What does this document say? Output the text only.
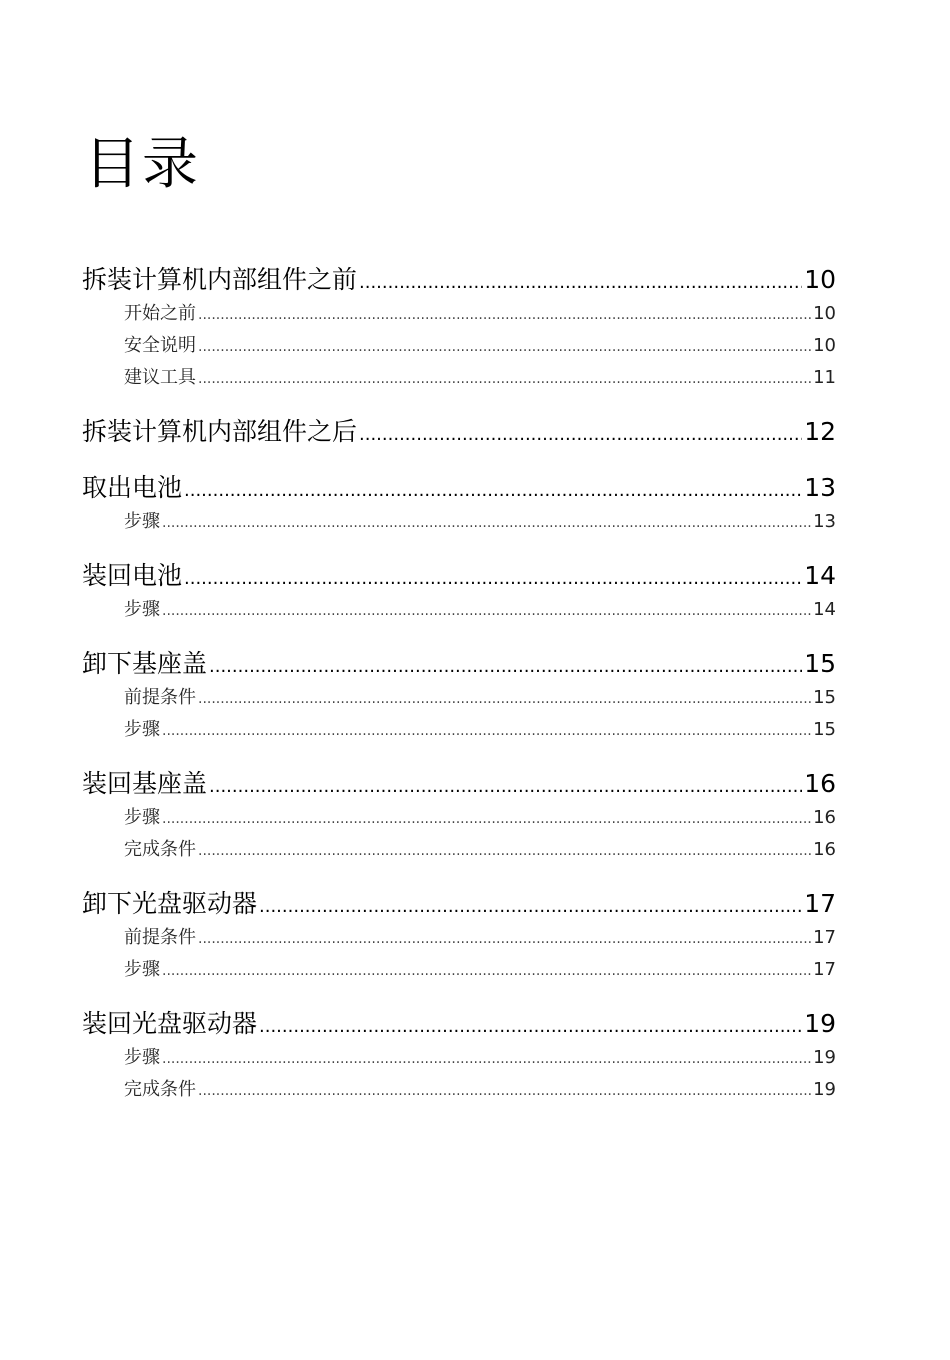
目录
拆装计算机内部组件之前 .....	10
开始之前 .....	10
安全说明 .....	10
建议工具 .....	11
拆装计算机内部组件之后 .....	12
取出电池 .....	13
步骤 .....	13
装回电池 .....	14
步骤 .....	14
卸下基座盖 .....	15
前提条件 .....	15
步骤 .....	15
装回基座盖 .....	16
步骤 .....	16
完成条件 .....	16
卸下光盘驱动器 .....	17
前提条件 .....	17
步骤 .....	17
装回光盘驱动器 .....	19
步骤 .....	19
完成条件 .....	19
